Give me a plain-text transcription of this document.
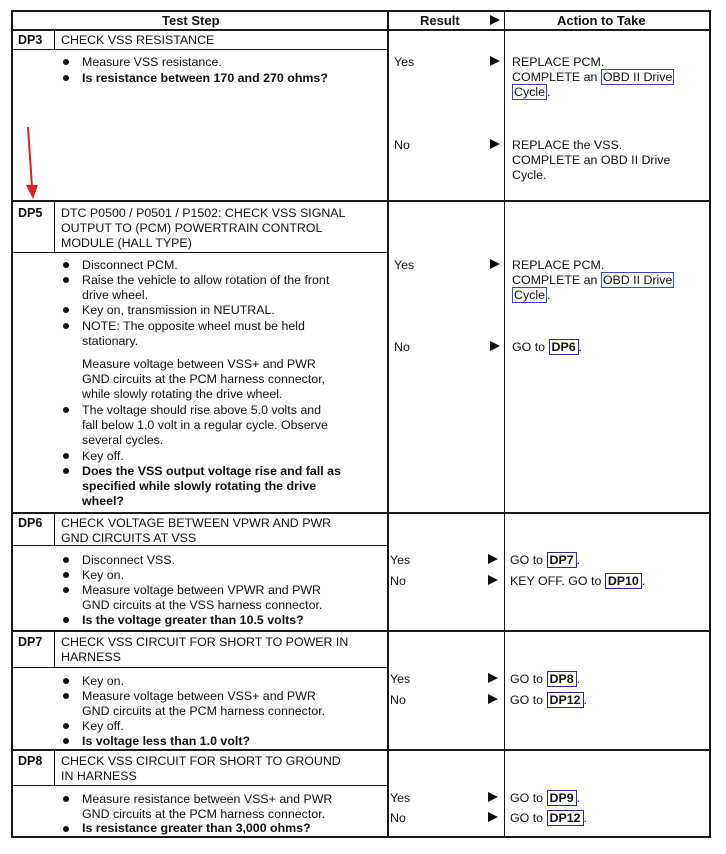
Test Step	Result	Action to Take
DP3 CHECK VSS RESISTANCE
Measure VSS resistance.
Is resistance between 170 and 270 ohms?
Yes	REPLACE PCM.
COMPLETE an OBD II Drive
Cycle .
No	REPLACE the VSS.
COMPLETE an OBD II Drive
Cycle.
DP5 DTC P0500 / P0501 / P1502: CHECK VSS SIGNAL
OUTPUT TO (PCM) POWERTRAIN CONTROL
MODULE (HALL TYPE)
Disconnect PCM.
Raise the vehicle to allow rotation of the front
drive wheel.
Key on, transmission in NEUTRAL.
NOTE: The opposite wheel must be held
stationary.
Measure voltage between VSS+ and PWR
GND circuits at the PCM harness connector,
while slowly rotating the drive wheel.
The voltage should rise above 5.0 volts and
fall below 1.0 volt in a regular cycle. Observe
several cycles.
Key off.
Does the VSS output voltage rise and fall as
specified while slowly rotating the drive
wheel?
Yes	REPLACE PCM.
COMPLETE an OBD II Drive
Cycle .
No	GO to DP6 .
DP6 CHECK VOLTAGE BETWEEN VPWR AND PWR
GND CIRCUITS AT VSS
Disconnect VSS.
Key on.
Measure voltage between VPWR and PWR
GND circuits at the VSS harness connector.
Is the voltage greater than 10.5 volts?
Yes	GO to DP7 .
No	KEY OFF. GO to DP10 .
DP7 CHECK VSS CIRCUIT FOR SHORT TO POWER IN
HARNESS
Key on.
Measure voltage between VSS+ and PWR
GND circuits at the PCM harness connector.
Key off.
Is voltage less than 1.0 volt?
Yes	GO to DP8 .
No	GO to DP12 .
DP8 CHECK VSS CIRCUIT FOR SHORT TO GROUND
IN HARNESS
Measure resistance between VSS+ and PWR
GND circuits at the PCM harness connector.
Is resistance greater than 3,000 ohms?
Yes	GO to DP9 .
No	GO to DP12 .
